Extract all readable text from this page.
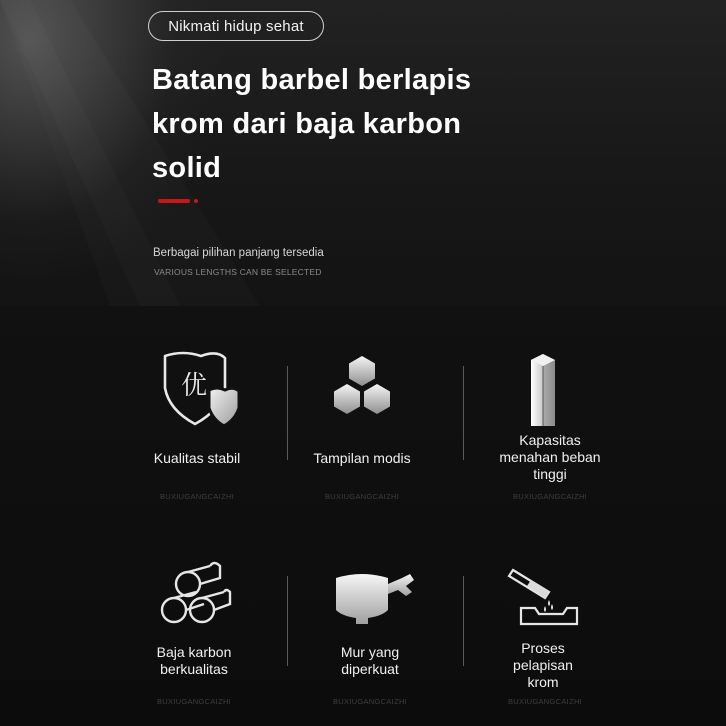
Nikmati hidup sehat
Batang barbel berlapis
krom dari baja karbon
solid
Berbagai pilihan panjang tersedia
VARIOUS LENGTHS CAN BE SELECTED
优
Kualitas stabil
BUXIUGANGCAIZHI
Tampilan modis
BUXIUGANGCAIZHI
Kapasitas menahan beban tinggi
BUXIUGANGCAIZHI
Baja karbon berkualitas
BUXIUGANGCAIZHI
Mur yang diperkuat
BUXIUGANGCAIZHI
Proses pelapisan krom
BUXIUGANGCAIZHI
